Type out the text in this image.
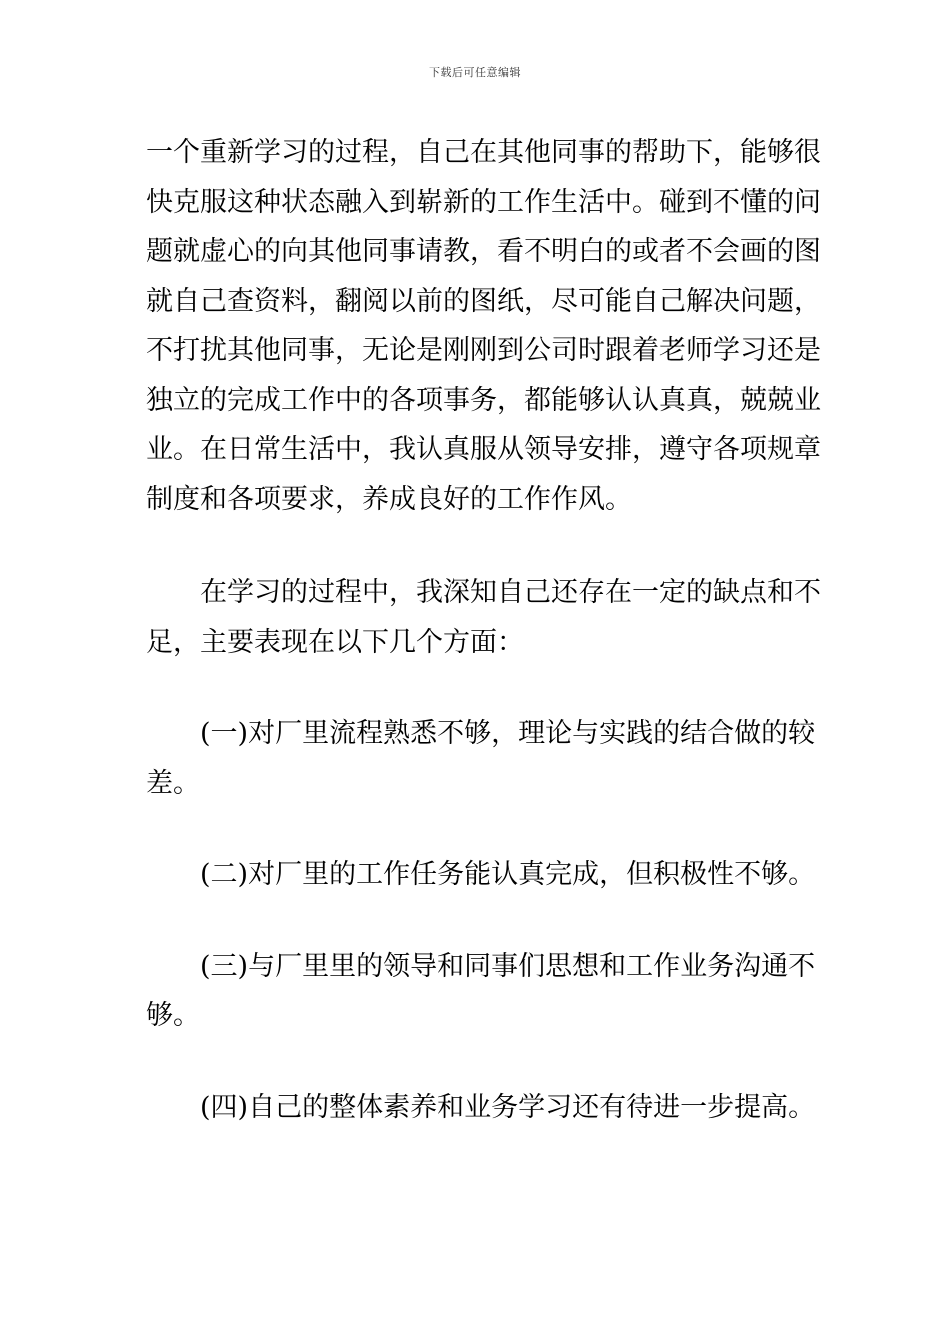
下载后可任意编辑
一个重新学习的过程，自己在其他同事的帮助下，能够很
快克服这种状态融入到崭新的工作生活中。碰到不懂的问
题就虚心的向其他同事请教，看不明白的或者不会画的图
就自己查资料，翻阅以前的图纸，尽可能自己解决问题，
不打扰其他同事，无论是刚刚到公司时跟着老师学习还是
独立的完成工作中的各项事务，都能够认认真真，兢兢业
业。在日常生活中，我认真服从领导安排，遵守各项规章
制度和各项要求，养成良好的工作作风。
在学习的过程中，我深知自己还存在一定的缺点和不
足，主要表现在以下几个方面：
(一)对厂里流程熟悉不够，理论与实践的结合做的较
差。
(二)对厂里的工作任务能认真完成，但积极性不够。
(三)与厂里里的领导和同事们思想和工作业务沟通不
够。
(四)自己的整体素养和业务学习还有待进一步提高。
